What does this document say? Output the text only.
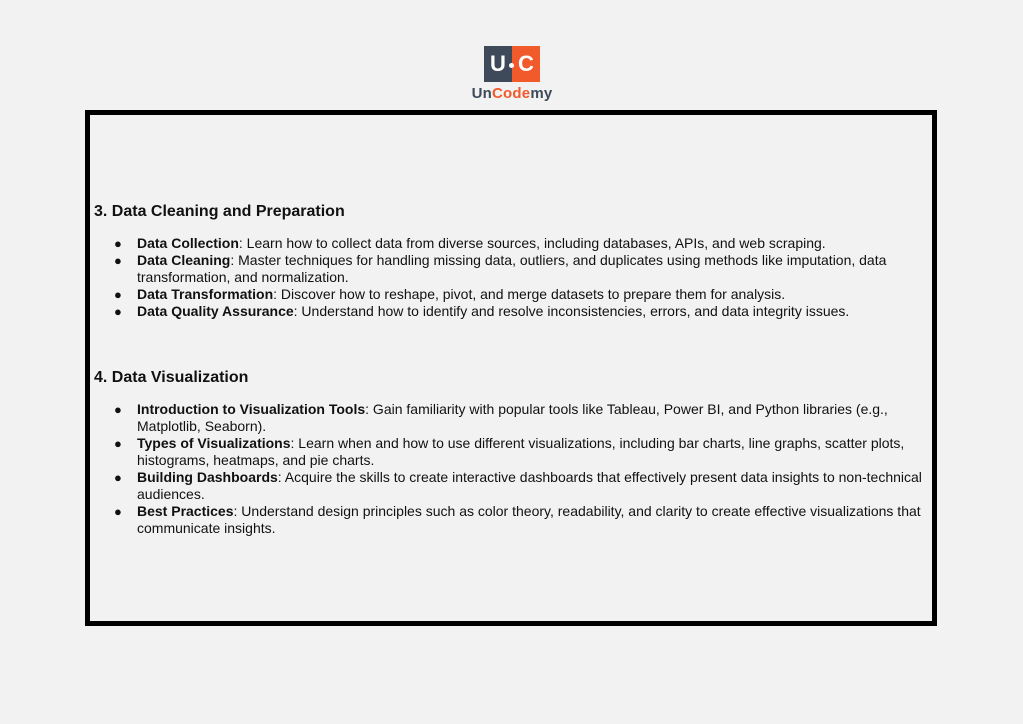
U C
UnCodemy
3. Data Cleaning and Preparation
● Data Collection: Learn how to collect data from diverse sources, including databases, APIs, and web scraping.
● Data Cleaning: Master techniques for handling missing data, outliers, and duplicates using methods like imputation, data transformation, and normalization.
● Data Transformation: Discover how to reshape, pivot, and merge datasets to prepare them for analysis.
● Data Quality Assurance: Understand how to identify and resolve inconsistencies, errors, and data integrity issues.
4. Data Visualization
● Introduction to Visualization Tools: Gain familiarity with popular tools like Tableau, Power BI, and Python libraries (e.g., Matplotlib, Seaborn).
● Types of Visualizations: Learn when and how to use different visualizations, including bar charts, line graphs, scatter plots, histograms, heatmaps, and pie charts.
● Building Dashboards: Acquire the skills to create interactive dashboards that effectively present data insights to non-technical audiences.
● Best Practices: Understand design principles such as color theory, readability, and clarity to create effective visualizations that communicate insights.
